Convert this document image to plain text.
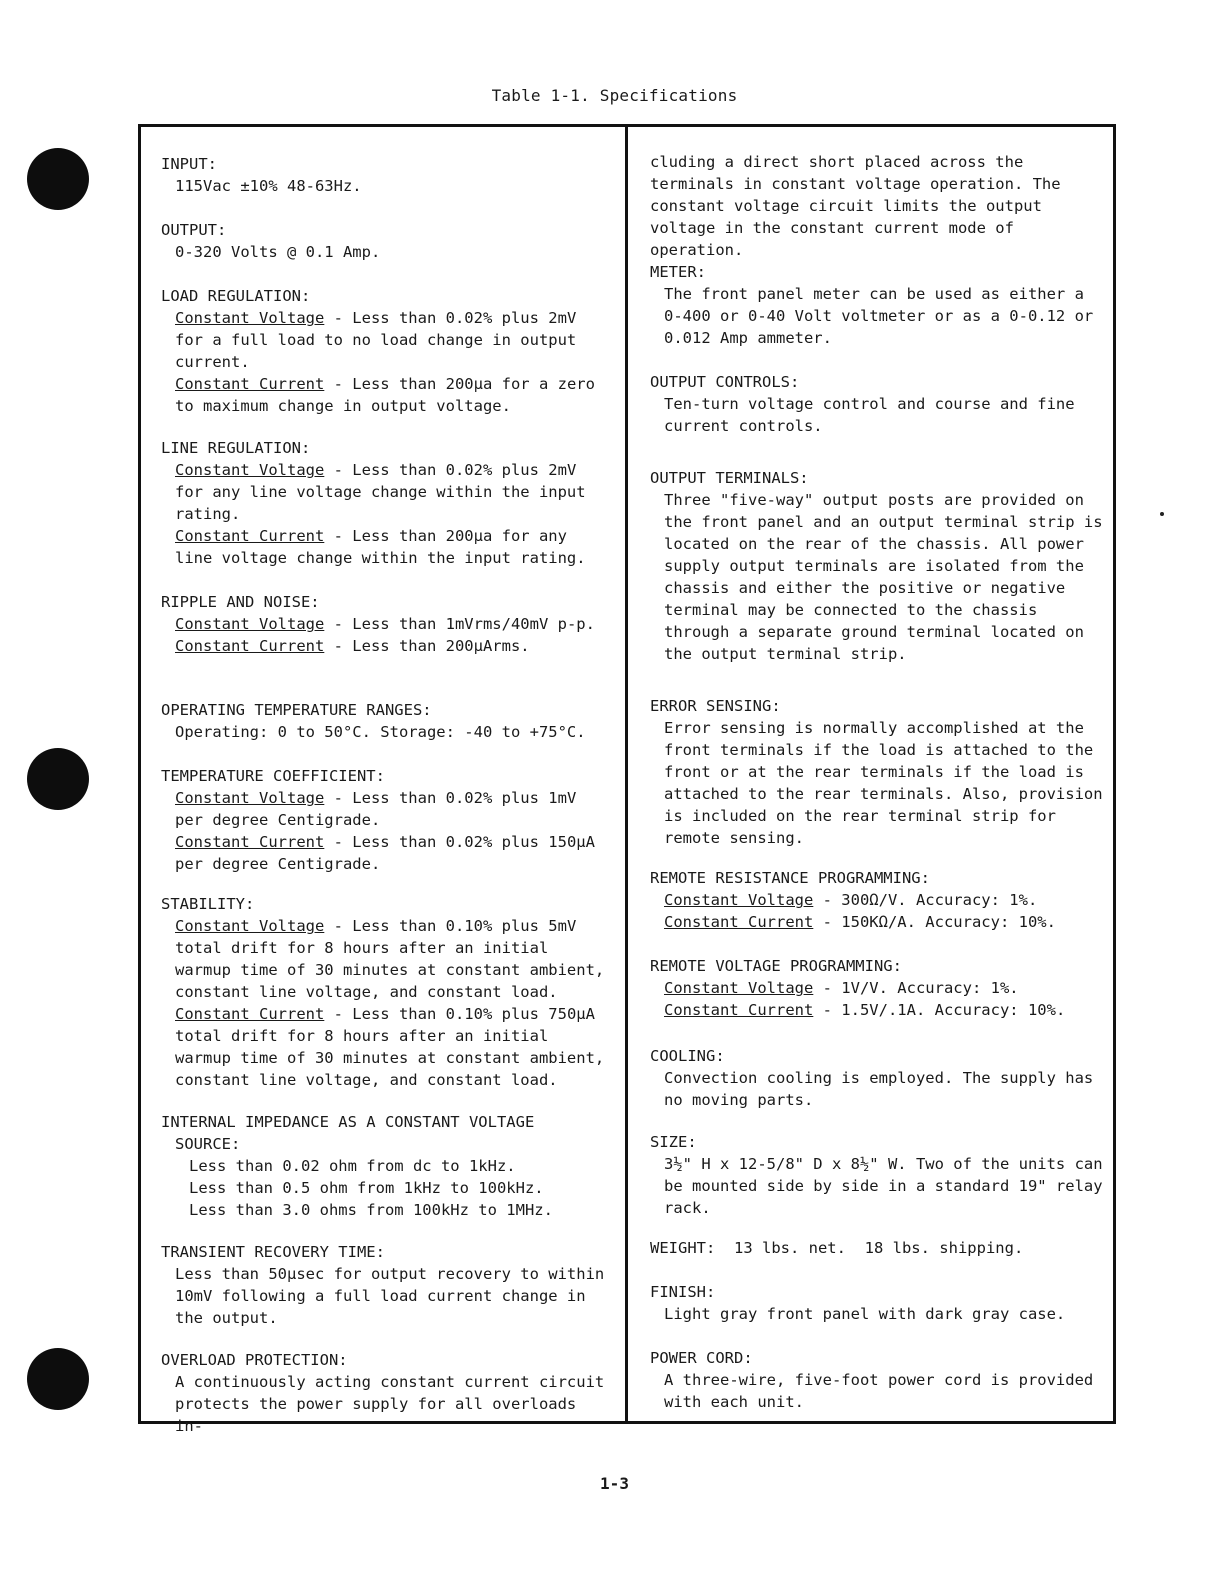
Table 1-1. Specifications
INPUT:
115Vac ±10% 48-63Hz.
OUTPUT:
0-320 Volts @ 0.1 Amp.
LOAD REGULATION:
Constant Voltage - Less than 0.02% plus 2mV for a full load to no load change in output current.
Constant Current - Less than 200µa for a zero to maximum change in output voltage.
LINE REGULATION:
Constant Voltage - Less than 0.02% plus 2mV for any line voltage change within the input rating.
Constant Current - Less than 200µa for any line voltage change within the input rating.
RIPPLE AND NOISE:
Constant Voltage - Less than 1mVrms/40mV p-p.
Constant Current - Less than 200µArms.
OPERATING TEMPERATURE RANGES:
Operating: 0 to 50°C. Storage: -40 to +75°C.
TEMPERATURE COEFFICIENT:
Constant Voltage - Less than 0.02% plus 1mV per degree Centigrade.
Constant Current - Less than 0.02% plus 150µA per degree Centigrade.
STABILITY:
Constant Voltage - Less than 0.10% plus 5mV total drift for 8 hours after an initial warmup time of 30 minutes at constant ambient, constant line voltage, and constant load.
Constant Current - Less than 0.10% plus 750µA total drift for 8 hours after an initial warmup time of 30 minutes at constant ambient, constant line voltage, and constant load.
INTERNAL IMPEDANCE AS A CONSTANT VOLTAGE
SOURCE:
Less than 0.02 ohm from dc to 1kHz.
Less than 0.5 ohm from 1kHz to 100kHz.
Less than 3.0 ohms from 100kHz to 1MHz.
TRANSIENT RECOVERY TIME:
Less than 50µsec for output recovery to within 10mV following a full load current change in the output.
OVERLOAD PROTECTION:
A continuously acting constant current circuit protects the power supply for all overloads in-
cluding a direct short placed across the terminals in constant voltage operation. The constant voltage circuit limits the output voltage in the constant current mode of operation.
METER:
The front panel meter can be used as either a 0-400 or 0-40 Volt voltmeter or as a 0-0.12 or 0.012 Amp ammeter.
OUTPUT CONTROLS:
Ten-turn voltage control and course and fine current controls.
OUTPUT TERMINALS:
Three "five-way" output posts are provided on the front panel and an output terminal strip is located on the rear of the chassis. All power supply output terminals are isolated from the chassis and either the positive or negative terminal may be connected to the chassis through a separate ground terminal located on the output terminal strip.
ERROR SENSING:
Error sensing is normally accomplished at the front terminals if the load is attached to the front or at the rear terminals if the load is attached to the rear terminals. Also, provision is included on the rear terminal strip for remote sensing.
REMOTE RESISTANCE PROGRAMMING:
Constant Voltage - 300Ω/V. Accuracy: 1%.
Constant Current - 150KΩ/A. Accuracy: 10%.
REMOTE VOLTAGE PROGRAMMING:
Constant Voltage - 1V/V. Accuracy: 1%.
Constant Current - 1.5V/.1A. Accuracy: 10%.
COOLING:
Convection cooling is employed. The supply has no moving parts.
SIZE:
3½" H x 12-5/8" D x 8½" W. Two of the units can be mounted side by side in a standard 19" relay rack.
WEIGHT:  13 lbs. net.  18 lbs. shipping.
FINISH:
Light gray front panel with dark gray case.
POWER CORD:
A three-wire, five-foot power cord is provided with each unit.
1-3
